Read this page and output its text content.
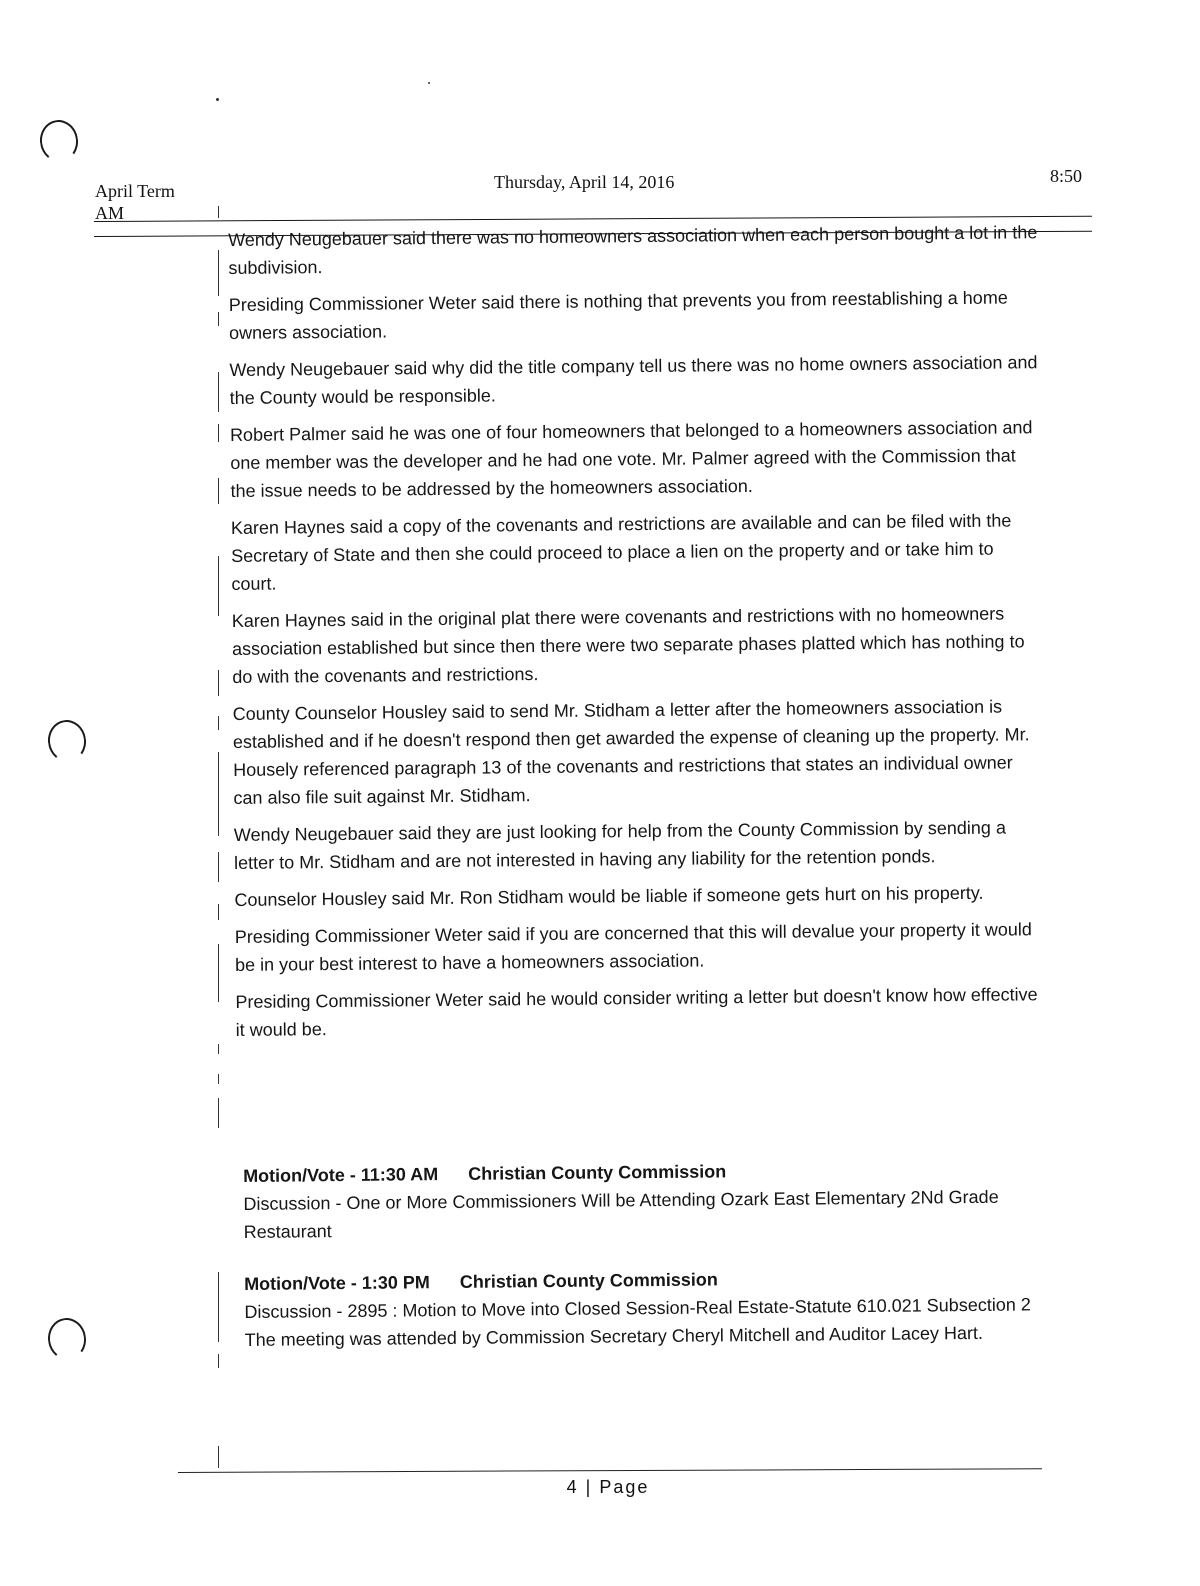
April Term
AM
Thursday, April 14, 2016	8:50

Wendy Neugebauer said there was no homeowners association when each person bought a lot in the subdivision.

Presiding Commissioner Weter said there is nothing that prevents you from reestablishing a home owners association.

Wendy Neugebauer said why did the title company tell us there was no home owners association and the County would be responsible.

Robert Palmer said he was one of four homeowners that belonged to a homeowners association and one member was the developer and he had one vote. Mr. Palmer agreed with the Commission that the issue needs to be addressed by the homeowners association.

Karen Haynes said a copy of the covenants and restrictions are available and can be filed with the Secretary of State and then she could proceed to place a lien on the property and or take him to court.

Karen Haynes said in the original plat there were covenants and restrictions with no homeowners association established but since then there were two separate phases platted which has nothing to do with the covenants and restrictions.

County Counselor Housley said to send Mr. Stidham a letter after the homeowners association is established and if he doesn't respond then get awarded the expense of cleaning up the property. Mr. Housely referenced paragraph 13 of the covenants and restrictions that states an individual owner can also file suit against Mr. Stidham.

Wendy Neugebauer said they are just looking for help from the County Commission by sending a letter to Mr. Stidham and are not interested in having any liability for the retention ponds.

Counselor Housley said Mr. Ron Stidham would be liable if someone gets hurt on his property.

Presiding Commissioner Weter said if you are concerned that this will devalue your property it would be in your best interest to have a homeowners association.

Presiding Commissioner Weter said he would consider writing a letter but doesn't know how effective it would be.

Motion/Vote - 11:30 AM Christian County Commission
Discussion - One or More Commissioners Will be Attending Ozark East Elementary 2Nd Grade Restaurant
Motion/Vote - 1:30 PM Christian County Commission
Discussion - 2895 : Motion to Move into Closed Session-Real Estate-Statute 610.021 Subsection 2
The meeting was attended by Commission Secretary Cheryl Mitchell and Auditor Lacey Hart.
4 | Page
